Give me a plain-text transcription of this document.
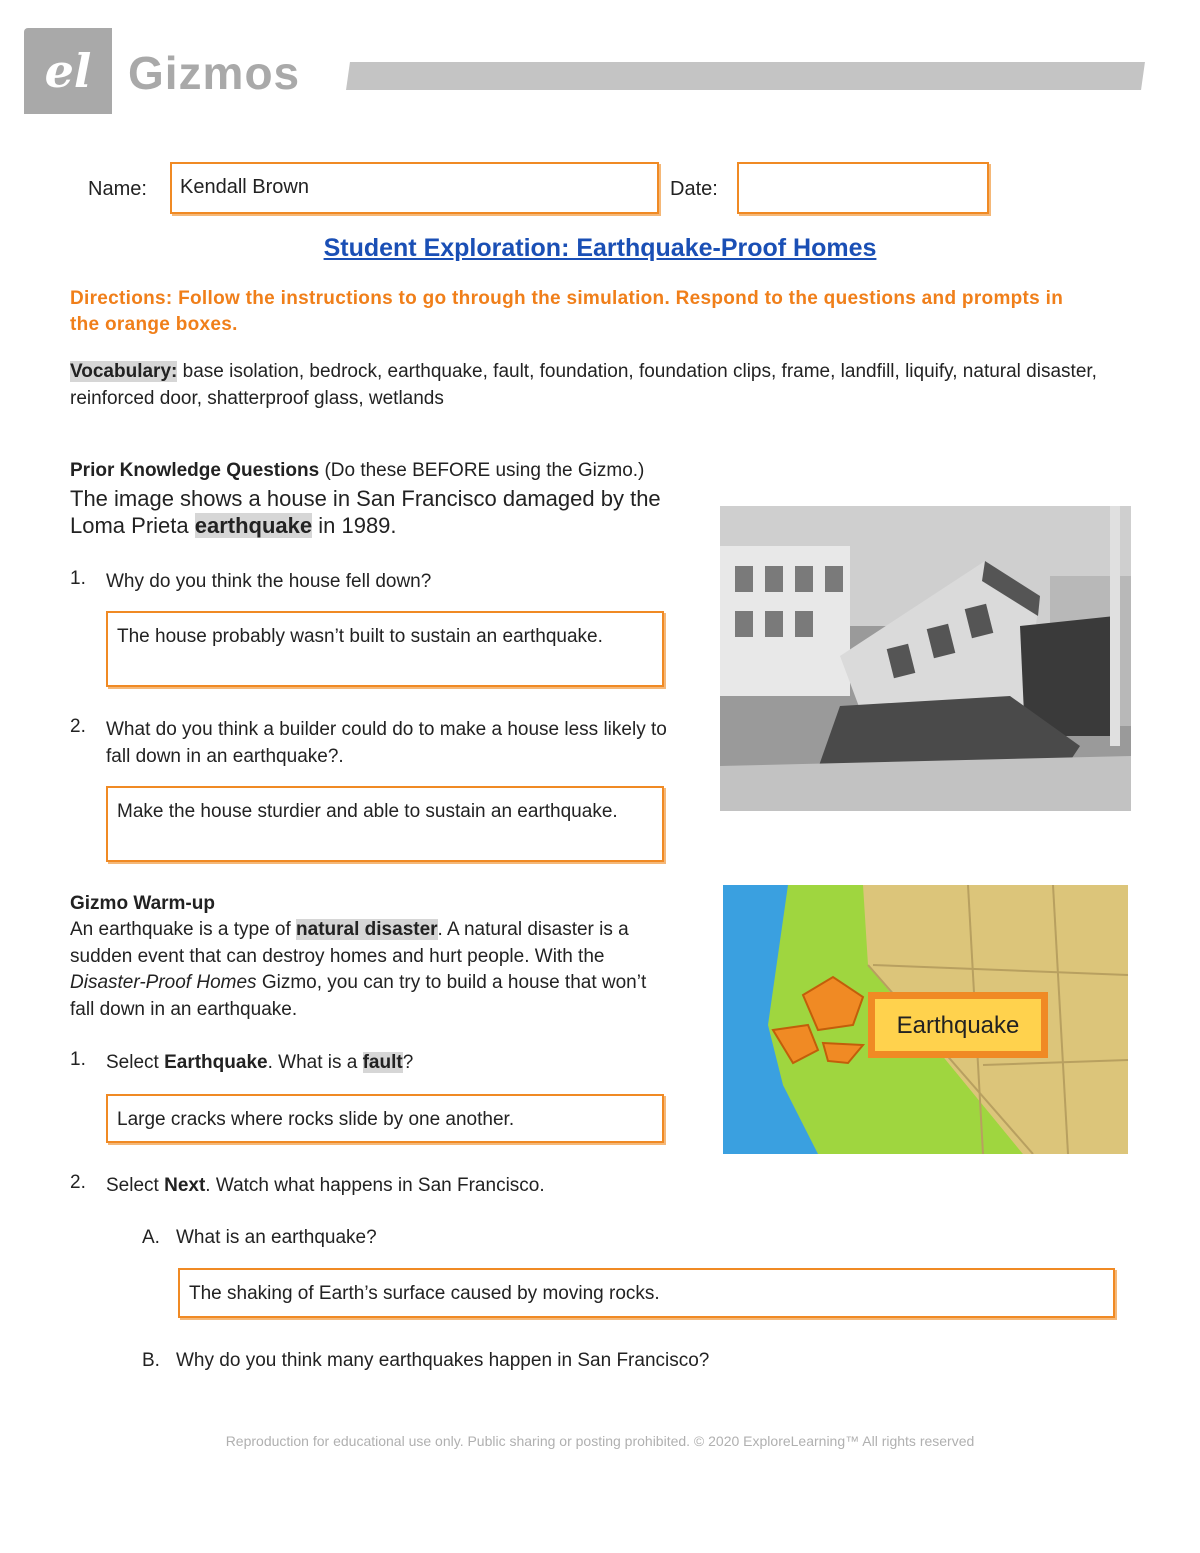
el Gizmos
Name:	Kendall Brown	Date:
Student Exploration: Earthquake-Proof Homes
Directions: Follow the instructions to go through the simulation. Respond to the questions and prompts in the orange boxes.
Vocabulary: base isolation, bedrock, earthquake, fault, foundation, foundation clips, frame, landfill, liquify, natural disaster, reinforced door, shatterproof glass, wetlands
Prior Knowledge Questions (Do these BEFORE using the Gizmo.)
The image shows a house in San Francisco damaged by the Loma Prieta earthquake in 1989.
1. Why do you think the house fell down?
The house probably wasn’t built to sustain an earthquake.
2. What do you think a builder could do to make a house less likely to fall down in an earthquake?.
Make the house sturdier and able to sustain an earthquake.
Gizmo Warm-up
An earthquake is a type of natural disaster. A natural disaster is a sudden event that can destroy homes and hurt people. With the Disaster-Proof Homes Gizmo, you can try to build a house that won’t fall down in an earthquake.
1. Select Earthquake. What is a fault?
Large cracks where rocks slide by one another.
Earthquake
2. Select Next. Watch what happens in San Francisco.
A. What is an earthquake?
The shaking of Earth’s surface caused by moving rocks.
B. Why do you think many earthquakes happen in San Francisco?
Reproduction for educational use only. Public sharing or posting prohibited. © 2020 ExploreLearning™ All rights reserved
